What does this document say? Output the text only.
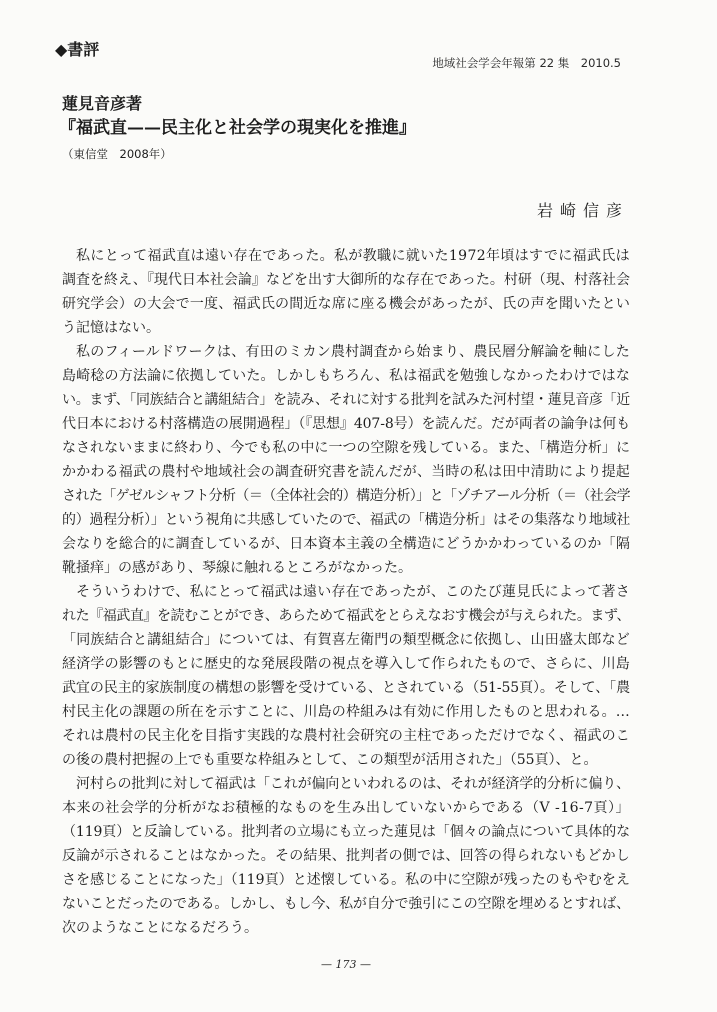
◆書評
地域社会学会年報第 22 集　2010.5
蓮見音彦著
『福武直——民主化と社会学の現実化を推進』
（東信堂　2008年）
岩崎信彦
私にとって福武直は遠い存在であった。私が教職に就いた1972年頃はすでに福武氏は
調査を終え、『現代日本社会論』などを出す大御所的な存在であった。村研（現、村落社会
研究学会）の大会で一度、福武氏の間近な席に座る機会があったが、氏の声を聞いたとい
う記憶はない。
私のフィールドワークは、有田のミカン農村調査から始まり、農民層分解論を軸にした
島崎稔の方法論に依拠していた。しかしもちろん、私は福武を勉強しなかったわけではな
い。まず、「同族結合と講組結合」を読み、それに対する批判を試みた河村望・蓮見音彦「近
代日本における村落構造の展開過程」（『思想』407-8号）を読んだ。だが両者の論争は何も
なされないままに終わり、今でも私の中に一つの空隙を残している。また、「構造分析」に
かかわる福武の農村や地域社会の調査研究書を読んだが、当時の私は田中清助により提起
された「ゲゼルシャフト分析（＝（全体社会的）構造分析）」と「ゾチアール分析（＝（社会学
的）過程分析）」という視角に共感していたので、福武の「構造分析」はその集落なり地域社
会なりを総合的に調査しているが、日本資本主義の全構造にどうかかわっているのか「隔
靴掻痒」の感があり、琴線に触れるところがなかった。
そういうわけで、私にとって福武は遠い存在であったが、このたび蓮見氏によって著さ
れた『福武直』を読むことができ、あらためて福武をとらえなおす機会が与えられた。まず、
「同族結合と講組結合」については、有賀喜左衛門の類型概念に依拠し、山田盛太郎など
経済学の影響のもとに歴史的な発展段階の視点を導入して作られたもので、さらに、川島
武宜の民主的家族制度の構想の影響を受けている、とされている（51-55頁）。そして、「農
村民主化の課題の所在を示すことに、川島の枠組みは有効に作用したものと思われる。…
それは農村の民主化を目指す実践的な農村社会研究の主柱であっただけでなく、福武のこ
の後の農村把握の上でも重要な枠組みとして、この類型が活用された」（55頁）、と。
河村らの批判に対して福武は「これが偏向といわれるのは、それが経済学的分析に偏り、
本来の社会学的分析がなお積極的なものを生み出していないからである（V -16-7頁）」
（119頁）と反論している。批判者の立場にも立った蓮見は「個々の論点について具体的な
反論が示されることはなかった。その結果、批判者の側では、回答の得られないもどかし
さを感じることになった」（119頁）と述懐している。私の中に空隙が残ったのもやむをえ
ないことだったのである。しかし、もし今、私が自分で強引にこの空隙を埋めるとすれば、
次のようなことになるだろう。
— 173 —
